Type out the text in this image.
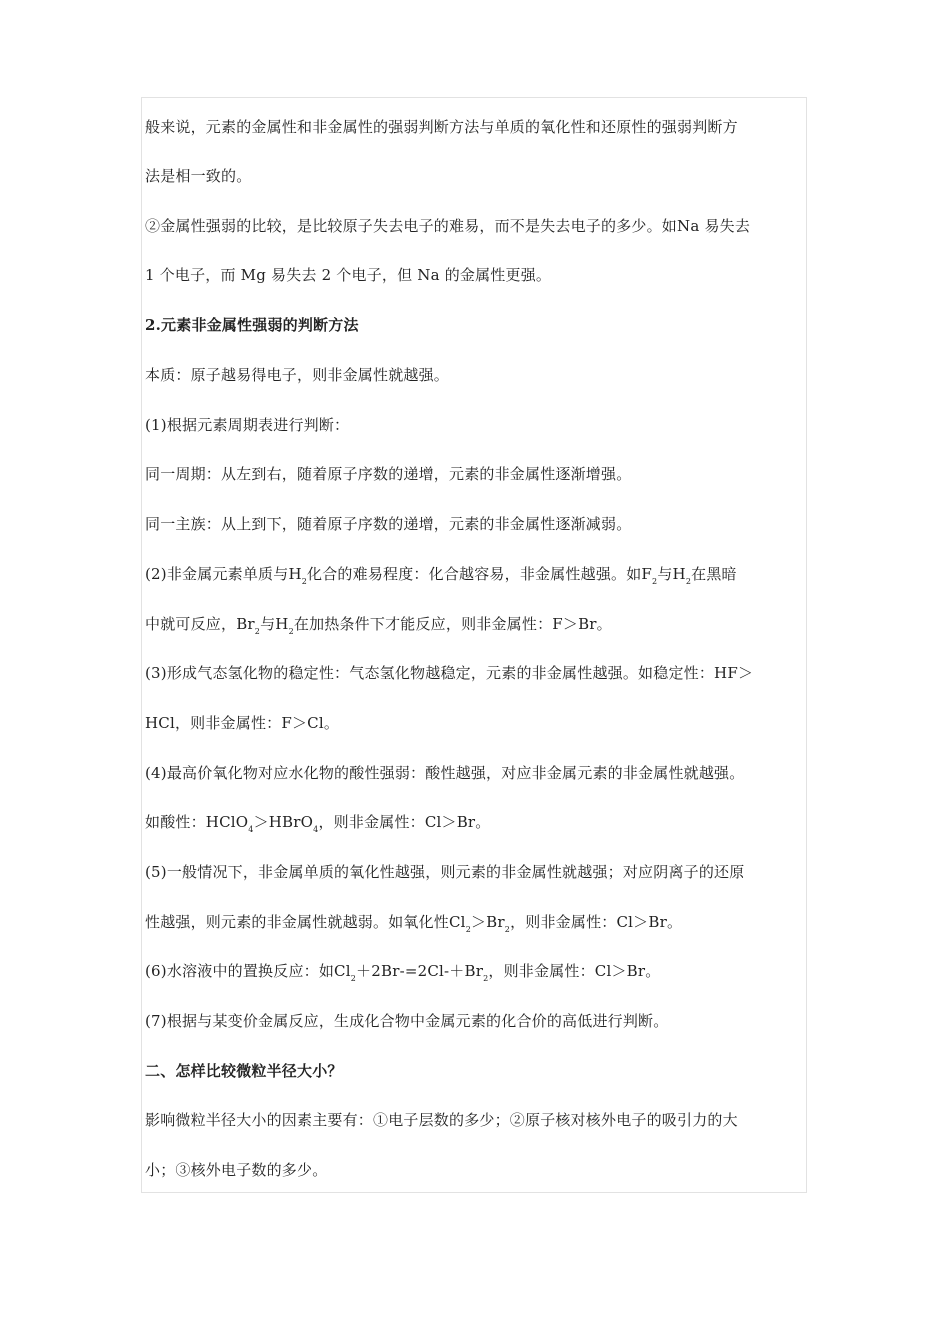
般来说，元素的金属性和非金属性的强弱判断方法与单质的氧化性和还原性的强弱判断方
法是相一致的。
②金属性强弱的比较，是比较原子失去电子的难易，而不是失去电子的多少。如Na 易失去
1 个电子，而 Mg 易失去 2 个电子，但 Na 的金属性更强。
2.元素非金属性强弱的判断方法
本质：原子越易得电子，则非金属性就越强。
(1)根据元素周期表进行判断：
同一周期：从左到右，随着原子序数的递增，元素的非金属性逐渐增强。
同一主族：从上到下，随着原子序数的递增，元素的非金属性逐渐减弱。
(2)非金属元素单质与$H_2$化合的难易程度：化合越容易，非金属性越强。如$F_2$与$H_2$在黑暗
中就可反应，$Br_2$与$H_2$在加热条件下才能反应，则非金属性：F＞Br。
(3)形成气态氢化物的稳定性：气态氢化物越稳定，元素的非金属性越强。如稳定性：HF＞
HCl，则非金属性：F＞Cl。
(4)最高价氧化物对应水化物的酸性强弱：酸性越强，对应非金属元素的非金属性就越强。
如酸性：HClO$_4$＞HBrO$_4$，则非金属性：Cl＞Br。
(5)一般情况下，非金属单质的氧化性越强，则元素的非金属性就越强；对应阴离子的还原
性越强，则元素的非金属性就越弱。如氧化性$Cl_2>Br_2$，则非金属性：Cl＞Br。
(6)水溶液中的置换反应：如$Cl_2+2Br-=2Cl-+Br_2$，则非金属性：Cl＞Br。
(7)根据与某变价金属反应，生成化合物中金属元素的化合价的高低进行判断。
二、怎样比较微粒半径大小？
影响微粒半径大小的因素主要有：①电子层数的多少；②原子核对核外电子的吸引力的大
小；③核外电子数的多少。
